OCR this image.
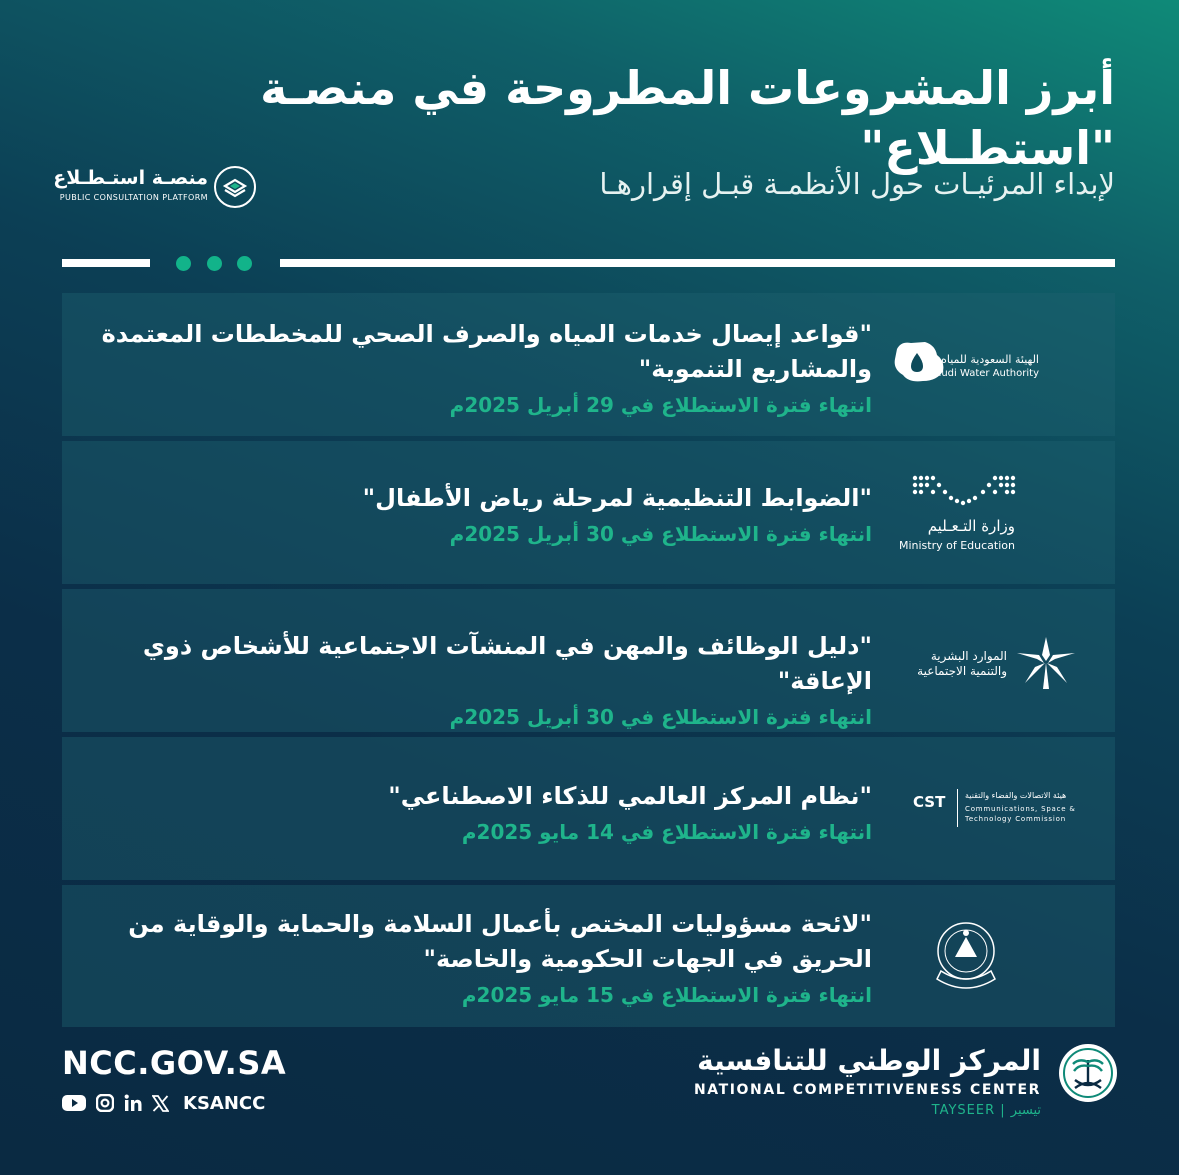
أبرز المشروعات المطروحة في منصـة "استطـلاع"
منصـة استـطـلاع
PUBLIC CONSULTATION PLATFORM	لإبداء المرئيـات حول الأنظمـة قبـل إقرارهـا
"قواعد إيصال خدمات المياه والصرف الصحي للمخططات المعتمدة والمشاريع التنموية"
انتهاء فترة الاستطلاع في 29 أبريل 2025م
الهيئة السعودية للمياه
Saudi Water Authority
"الضوابط التنظيمية لمرحلة رياض الأطفال"
انتهاء فترة الاستطلاع في 30 أبريل 2025م	وزارة التـعـليم
Ministry of Education
"دليل الوظائف والمهن في المنشآت الاجتماعية للأشخاص ذوي الإعاقة"
انتهاء فترة الاستطلاع في 30 أبريل 2025م
الموارد البشرية
والتنمية الاجتماعية
"نظام المركز العالمي للذكاء الاصطناعي"
انتهاء فترة الاستطلاع في 14 مايو 2025م
CST هيئة الاتصالات والفضاء والتقنية
Communications, Space &
Technology Commission
"لائحة مسؤوليات المختص بأعمال السلامة والحماية والوقاية من الحريق في الجهات الحكومية والخاصة"
انتهاء فترة الاستطلاع في 15 مايو 2025م
NCC.GOV.SA
KSANCC
المركز الوطني للتنافسية
NATIONAL COMPETITIVENESS CENTER
TAYSEER | تيسير
